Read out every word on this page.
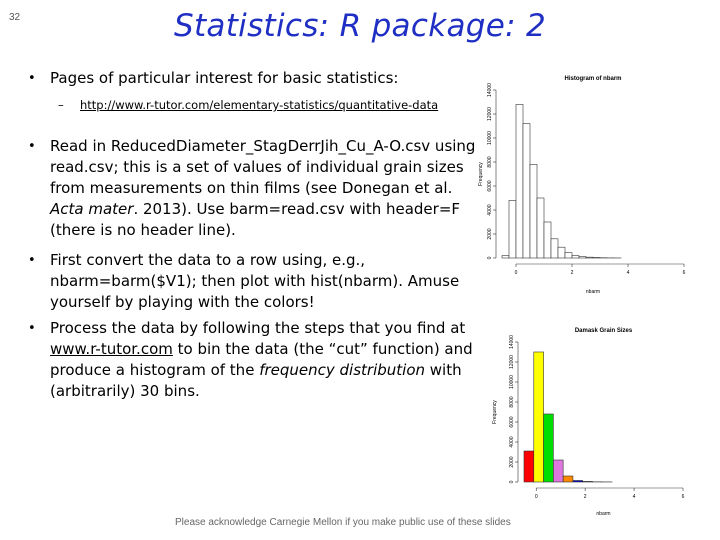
32	Statistics: R package: 2
• Pages of particular interest for basic statistics:
– http://www.r-tutor.com/elementary-statistics/quantitative-data
• Read in ReducedDiameter_StagDerrJih_Cu_A-O.csv using read.csv; this is a set of values of individual grain sizes from measurements on thin films (see Donegan et al. Acta mater. 2013). Use barm=read.csv with header=F (there is no header line).
• First convert the data to a row using, e.g., nbarm=barm($V1); then plot with hist(nbarm). Amuse yourself by playing with the colors!
• Process the data by following the steps that you find at www.r-tutor.com to bin the data (the “cut” function) and produce a histogram of the frequency distribution with (arbitrarily) 30 bins.
Histogram of nbarm
0
2000
4000
6000
8000
10000
12000
14000
0	2	4	6
Frequency
nbarm
Damask Grain Sizes
0
2000
4000
6000
8000
10000
12000
14000
0	2	4	6
Frequency
nbarm
Please acknowledge Carnegie Mellon if you make public use of these slides
